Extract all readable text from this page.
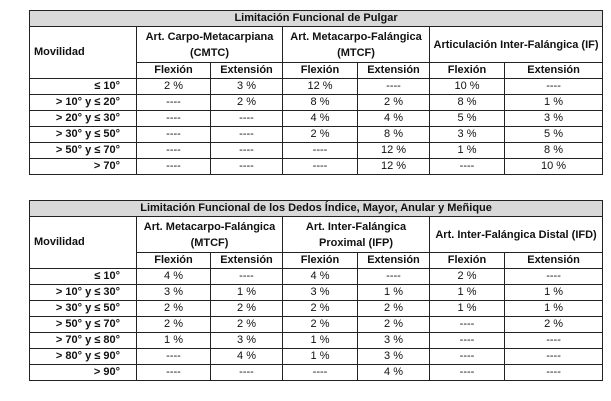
Limitación Funcional de Pulgar						
Movilidad	Art. Carpo-Metacarpiana (CMTC)		Art. Metacarpo-Falángica (MTCF)		Articulación Inter-Falángica (IF)	
	Flexión	Extensión	Flexión	Extensión	Flexión	Extensión
≤ 10°	2 %	3 %	12 %	----	10 %	----
> 10° y ≤ 20°	----	2 %	8 %	2 %	8 %	1 %
> 20° y ≤ 30°	----	----	4 %	4 %	5 %	3 %
> 30° y ≤ 50°	----	----	2 %	8 %	3 %	5 %
> 50° y ≤ 70°	----	----	----	12 %	1 %	8 %
> 70°	----	----	----	12 %	----	10 %
Limitación Funcional de los Dedos Índice, Mayor, Anular y Meñique						
Movilidad	Art. Metacarpo-Falángica (MTCF)		Art. Inter-Falángica Proximal (IFP)		Art. Inter-Falángica Distal (IFD)	
	Flexión	Extensión	Flexión	Extensión	Flexión	Extensión
≤ 10°	4 %	----	4 %	----	2 %	----
> 10° y ≤ 30°	3 %	1 %	3 %	1 %	1 %	1 %
> 30° y ≤ 50°	2 %	2 %	2 %	2 %	1 %	1 %
> 50° y ≤ 70°	2 %	2 %	2 %	2 %	----	2 %
> 70° y ≤ 80°	1 %	3 %	1 %	3 %	----	----
> 80° y ≤ 90°	----	4 %	1 %	3 %	----	----
> 90°	----	----	----	4 %	----	----
